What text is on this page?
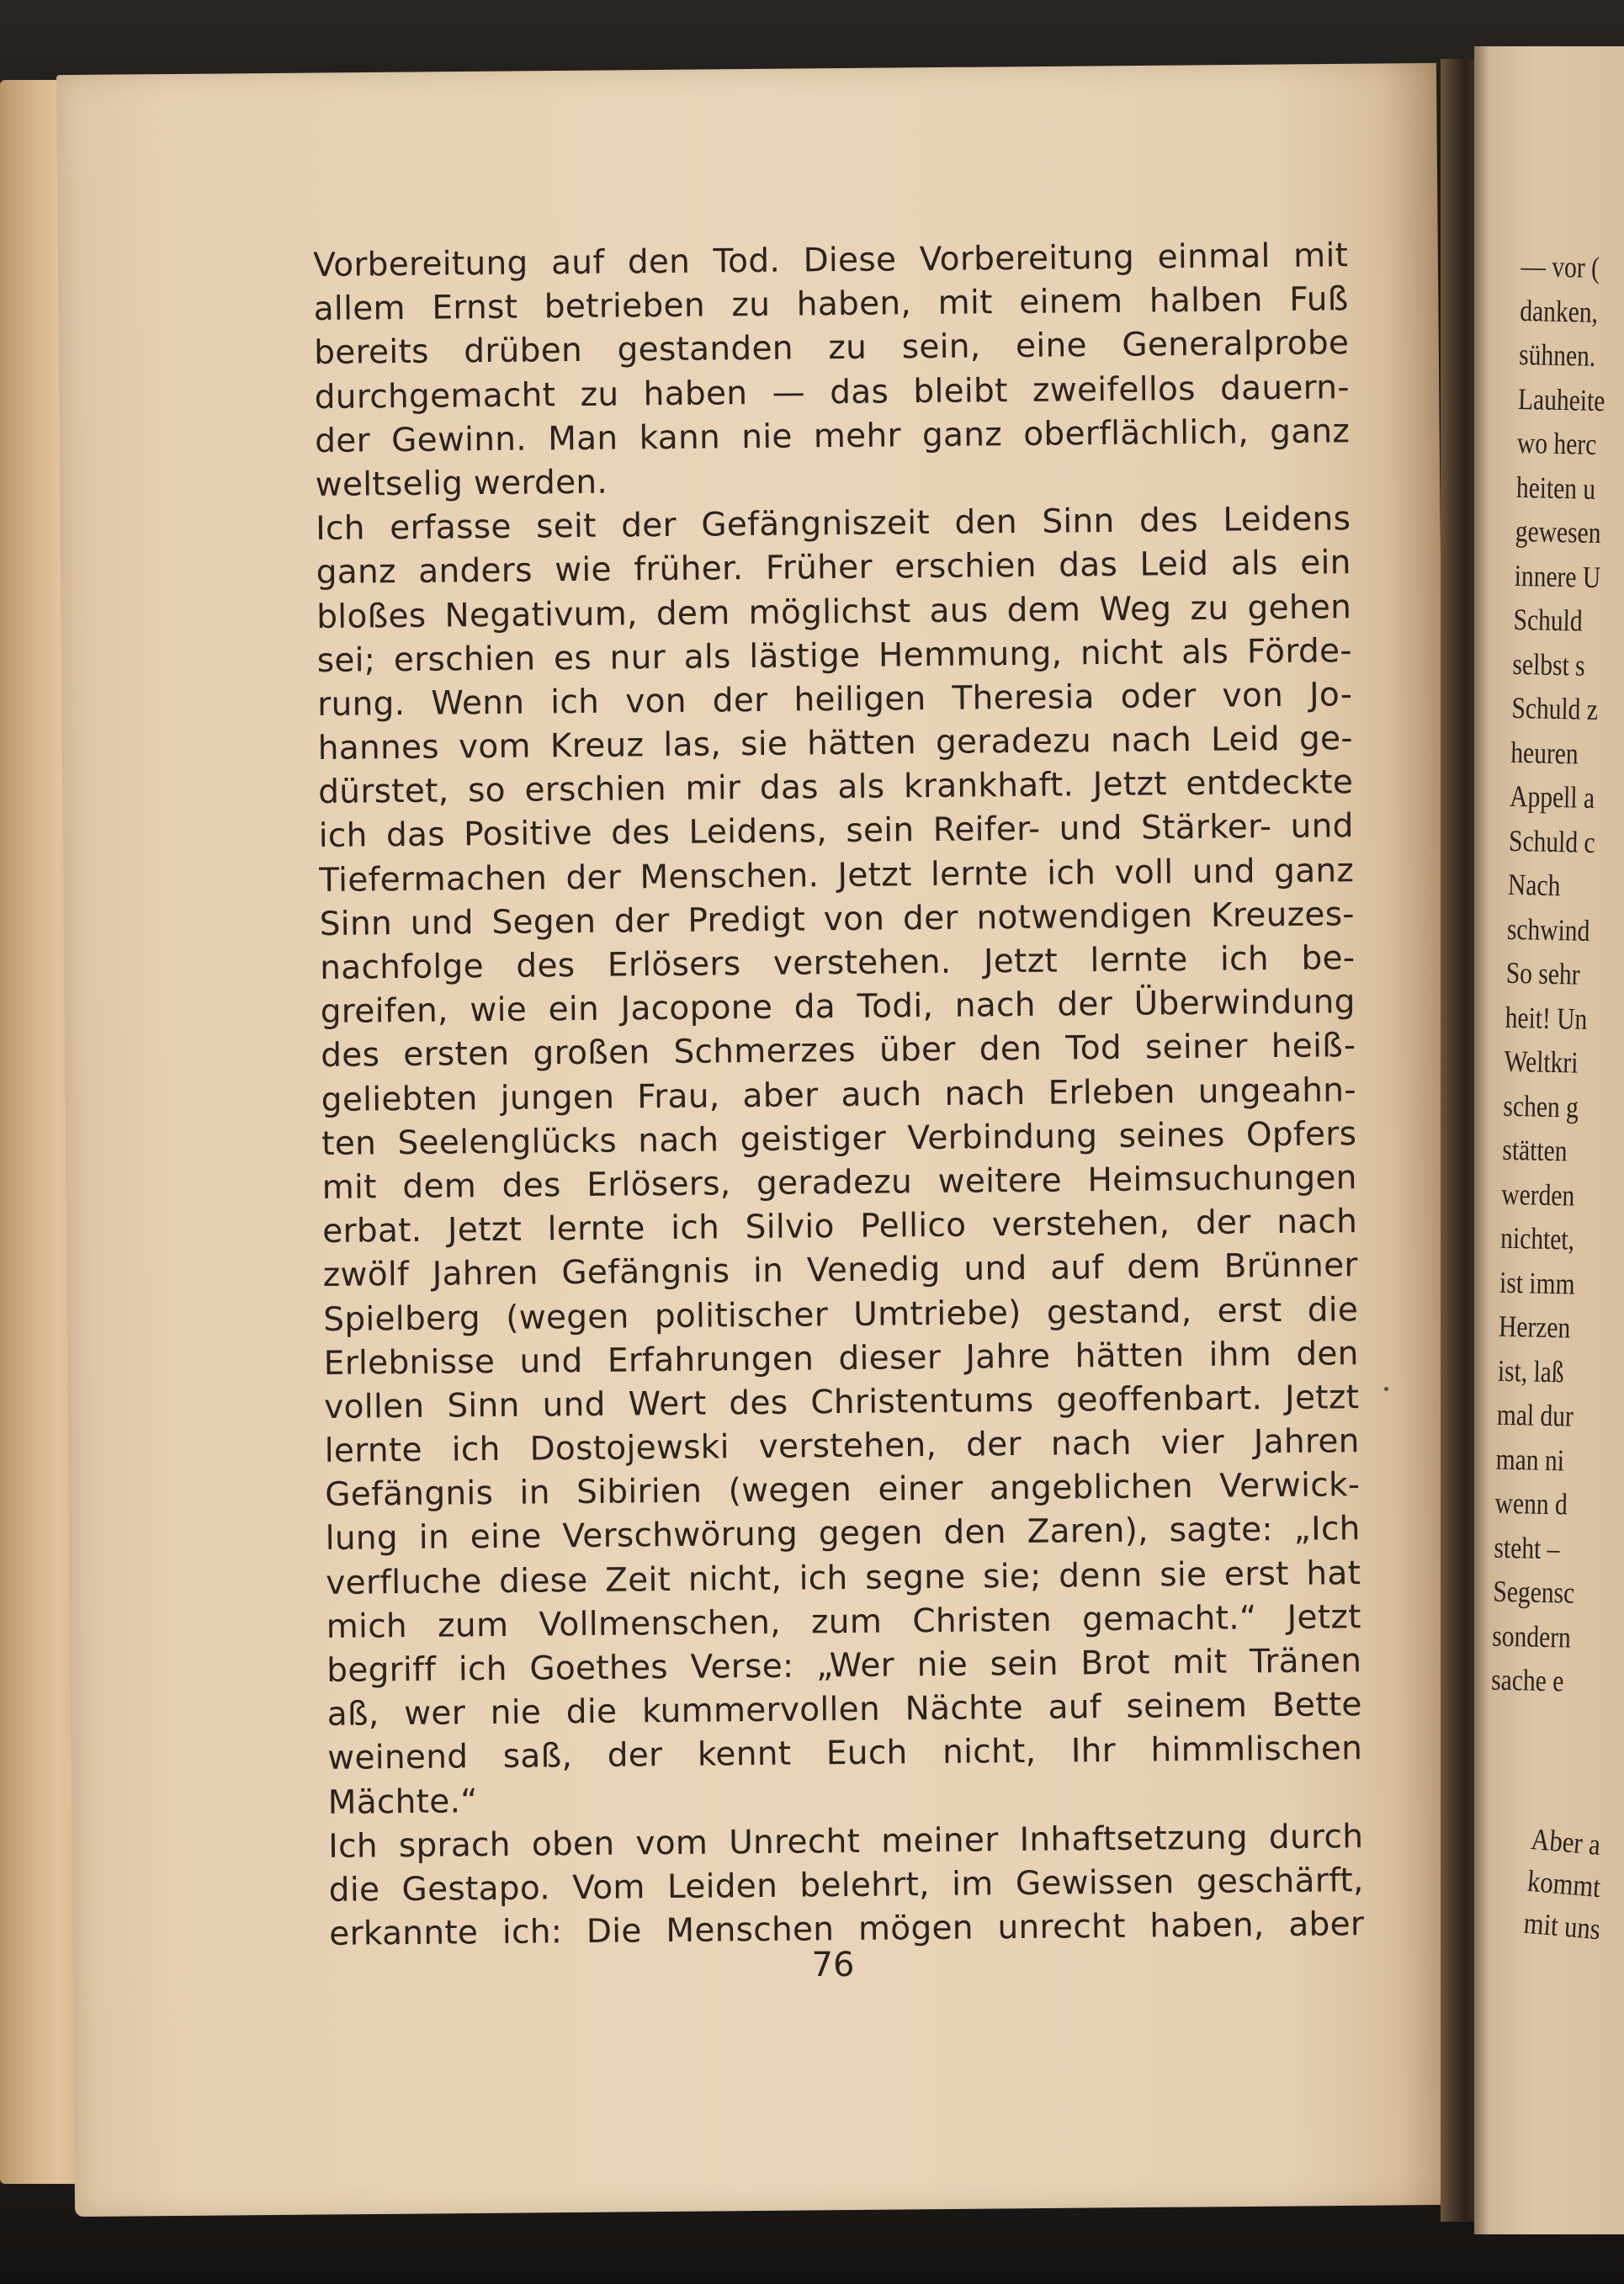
Vorbereitung auf den Tod. Diese Vorbereitung einmal mit
allem Ernst betrieben zu haben, mit einem halben Fuß
bereits drüben gestanden zu sein, eine Generalprobe
durchgemacht zu haben — das bleibt zweifellos dauern-
der Gewinn. Man kann nie mehr ganz oberflächlich, ganz
weltselig werden.
Ich erfasse seit der Gefängniszeit den Sinn des Leidens
ganz anders wie früher. Früher erschien das Leid als ein
bloßes Negativum, dem möglichst aus dem Weg zu gehen
sei; erschien es nur als lästige Hemmung, nicht als Förde-
rung. Wenn ich von der heiligen Theresia oder von Jo-
hannes vom Kreuz las, sie hätten geradezu nach Leid ge-
dürstet, so erschien mir das als krankhaft. Jetzt entdeckte
ich das Positive des Leidens, sein Reifer- und Stärker- und
Tiefermachen der Menschen. Jetzt lernte ich voll und ganz
Sinn und Segen der Predigt von der notwendigen Kreuzes-
nachfolge des Erlösers verstehen. Jetzt lernte ich be-
greifen, wie ein Jacopone da Todi, nach der Überwindung
des ersten großen Schmerzes über den Tod seiner heiß-
geliebten jungen Frau, aber auch nach Erleben ungeahn-
ten Seelenglücks nach geistiger Verbindung seines Opfers
mit dem des Erlösers, geradezu weitere Heimsuchungen
erbat. Jetzt lernte ich Silvio Pellico verstehen, der nach
zwölf Jahren Gefängnis in Venedig und auf dem Brünner
Spielberg (wegen politischer Umtriebe) gestand, erst die
Erlebnisse und Erfahrungen dieser Jahre hätten ihm den
vollen Sinn und Wert des Christentums geoffenbart. Jetzt
lernte ich Dostojewski verstehen, der nach vier Jahren
Gefängnis in Sibirien (wegen einer angeblichen Verwick-
lung in eine Verschwörung gegen den Zaren), sagte: „Ich
verfluche diese Zeit nicht, ich segne sie; denn sie erst hat
mich zum Vollmenschen, zum Christen gemacht.“ Jetzt
begriff ich Goethes Verse: „Wer nie sein Brot mit Tränen
aß, wer nie die kummervollen Nächte auf seinem Bette
weinend saß, der kennt Euch nicht, Ihr himmlischen
Mächte.“
Ich sprach oben vom Unrecht meiner Inhaftsetzung durch
die Gestapo. Vom Leiden belehrt, im Gewissen geschärft,
erkannte ich: Die Menschen mögen unrecht haben, aber
76
— vor (
danken,
sühnen.
Lauheite
wo herc
heiten u
gewesen
innere U
Schuld
selbst s
Schuld z
heuren
Appell a
Schuld c
Nach
schwind
So sehr
heit! Un
Weltkri
schen g
stätten
werden
nichtet,
ist imm
Herzen
ist, laß
mal dur
man ni
wenn d
steht –
Segensc
sondern
sache e
Aber a
kommt
mit uns
